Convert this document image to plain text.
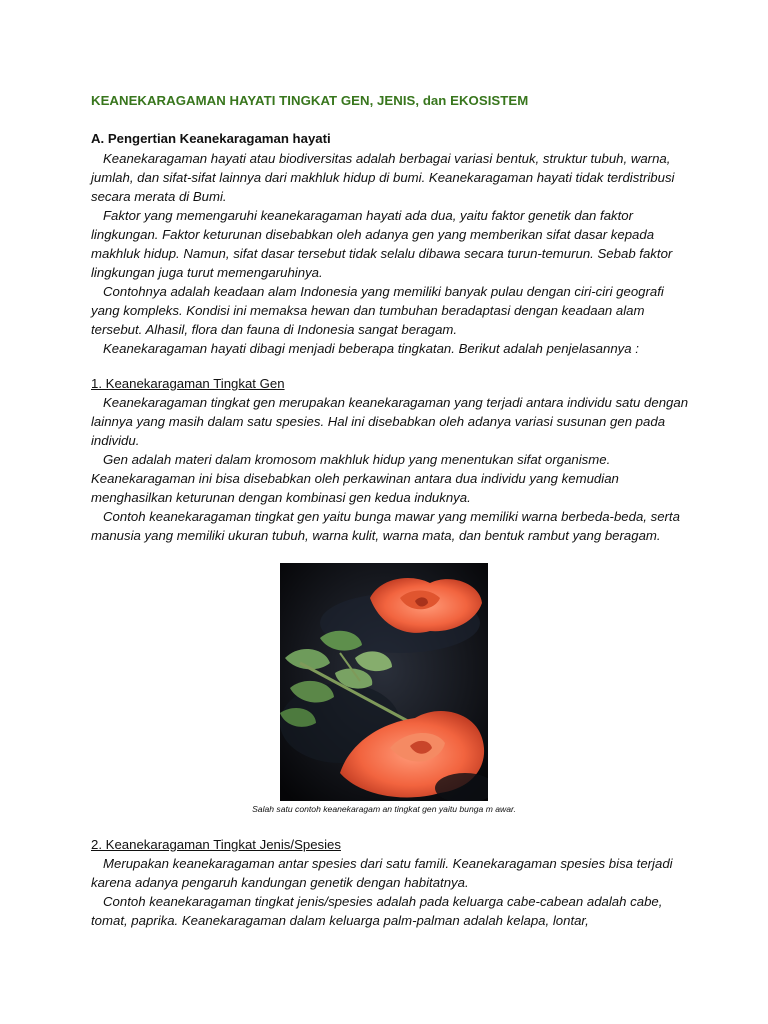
KEANEKARAGAMAN HAYATI TINGKAT GEN, JENIS, dan EKOSISTEM
A. Pengertian Keanekaragaman hayati

Keanekaragaman hayati atau biodiversitas adalah berbagai variasi bentuk, struktur tubuh, warna, jumlah, dan sifat-sifat lainnya dari makhluk hidup di bumi. Keanekaragaman hayati tidak terdistribusi secara merata di Bumi.

Faktor yang memengaruhi keanekaragaman hayati ada dua, yaitu faktor genetik dan faktor lingkungan. Faktor keturunan disebabkan oleh adanya gen yang memberikan sifat dasar kepada makhluk hidup. Namun, sifat dasar tersebut tidak selalu dibawa secara turun-temurun. Sebab faktor lingkungan juga turut memengaruhinya.

Contohnya adalah keadaan alam Indonesia yang memiliki banyak pulau dengan ciri-ciri geografi yang kompleks. Kondisi ini memaksa hewan dan tumbuhan beradaptasi dengan keadaan alam tersebut. Alhasil, flora dan fauna di Indonesia sangat beragam.

Keanekaragaman hayati dibagi menjadi beberapa tingkatan. Berikut adalah penjelasannya :

1. Keanekaragaman Tingkat Gen

Keanekaragaman tingkat gen merupakan keanekaragaman yang terjadi antara individu satu dengan lainnya yang masih dalam satu spesies. Hal ini disebabkan oleh adanya variasi susunan gen pada individu.

Gen adalah materi dalam kromosom makhluk hidup yang menentukan sifat organisme. Keanekaragaman ini bisa disebabkan oleh perkawinan antara dua individu yang kemudian menghasilkan keturunan dengan kombinasi gen kedua induknya.

Contoh keanekaragaman tingkat gen yaitu bunga mawar yang memiliki warna berbeda-beda, serta manusia yang memiliki ukuran tubuh, warna kulit, warna mata, dan bentuk rambut yang beragam.

Salah satu contoh keanekaragam an tingkat gen yaitu bunga m awar.
2. Keanekaragaman Tingkat Jenis/Spesies

Merupakan keanekaragaman antar spesies dari satu famili. Keanekaragaman spesies bisa terjadi karena adanya pengaruh kandungan genetik dengan habitatnya.

Contoh keanekaragaman tingkat jenis/spesies adalah pada keluarga cabe-cabean adalah cabe, tomat, paprika. Keanekaragaman dalam keluarga palm-palman adalah kelapa, lontar,
